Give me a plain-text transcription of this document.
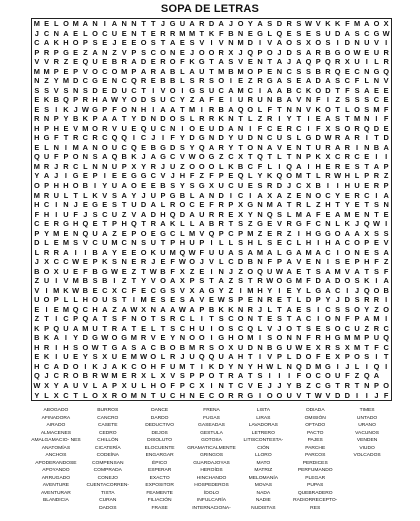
SOPA DE LETRAS
M E L O M A N I A N N T T J G U A R D A J O Y A S D R S W V K K F M A O X
J C N A E L O C U E N T E R R M M T K F B N E G L Q E S E S U D A S C G W
C A K H O P S E J E E O S T A E S V I V N M D I V A O S X O S I D N U V I
P R P G E Z A N Z V P S C O N E J O O R X J Q P O J D S A R B G O W E U R
V V R Z E Q U E B R A D E R O F K G T A S V E N T A J A Q P Q R X U I L R
M M P E P V O C O M P A R A B L A U T M B M O P E N C S S B R Q E C N G Q
N Z Y M D C G E N C Q R E B B L S R S O I E Z R G A S E A D A S C F L N V
S S V S N S D E D U C T I V O I G S U C A M C I A A B C K O D T F S A E E
E K B Q P R H A W Y O D S U C Y Z A F E I U R U N B A V N F I Z S S S C E
E S I K J W G P F O N H I A A T M I R B A Q O L F T N N V K O T L O S M F
R N P Y B K P A A T Y D N D O S L R R K N T L Z R I Y T I E A S T M N I F
H P H E V M O R V U E Q U C N I O E U D A N I F C E R C I F X S O R Q D E
H G F T R C R C Q Q I C J I F Y D G N D Y U D N C U S L G D W R A R I T D
E L N I M A N O U C Q E B G D S Y Q A R Y T O N A V E N T U R A R I N B A
Q U F P O N S A Q B K J A G C V W O G Z C X T Q T L T N P K X C R C E I	I
M R J R C L N N U P X Y R J U Z O O O L K B C F L I Q A I H E R E S T A P
Y A J I G E P I E E G G C V J H F Z F P E Q L Y K Q O M T L R W H L P R Z
O P H H O B I Y U A O E E B S Y S G X U C U E S R D J C X B I	I H U E R P
M R U L T L K V S A Y J U P G B L A N D I C I A X A Z E N O C Y E R C I A
H C I N J E G E S T U D A L R O C E F R P X G N M A T R L Z H T Y E T S N
F H I U F J S C U Z V A D H Q D A U R R E X Y N Q S L M A F E A M E N T E
C E R G H Q E T P H Q T R A K L L A B R T S Z G E V R G F C N L K J Q W I
P Y M E N Q U A Z E P O E G C L M V Q P C P M Z E R Z I H G G O A A X S S
D L E M S V C U M C N S U T P H U P I L L S H L S E C L H I H A C O P E V
L R R A I	I B A Y E E O K U M Q W F U U A S A M A L G A M A C I O N E S A
J X C C W E P K S N E R J E F W O J V L C D B N F P A V E N I S E P H F Z
B O X U E F B G W E Z T W B F X Z E I N J Z O Q U W A E T S A M V A T S F
Z U I V M B S B I Z T Y V O A X P S T A Z S T R W O G M F D A D O S K I A
V I M K W B E C X C F E C G S V X A G Y Z I M H Y I E Y L G A C I J Q O B
U O P L L H O U S T I M E S E S A V E W S P E N R E T L D P Y J D S R R I
E I E M Q C H A Z A W X N A A W A P B K K N R J L T A E S I C S S O Y Z O
Z T I C P Q A T S F N O T S R C L I T S C O N T E S T A C I O N F P A M I
K P Q U A M U T R A T E L T S C H U I O S C Q L V J O T S E S O C U Z R C
B K A I Y D G W O G M R V E Y N O O I G H O M I S O N N F R H G M M P U Q
H R I H S O W T G A S A C B O B M R S O X U D N B G U W E X R S X M T F C
E K I U E Y S X U E M W O L R J U Q Q U A H T I V P L D O F E X P O S I T
H C A D O I K J A K C O H F U M T I K D Y N Y H W L N Q D M G I J L I Q I
Q J C R O B R W M E R X L X V S P P O T R A T S I	I	I F O C O U F Z Q A
W X Y A U V L A P X U L H O F P C X I N T C V E J J Y B Z C G T R T N P O
Y L X C T L O X R O M N T U C H N E C O R R G I O O U V T W V D D I	I J F
ABOGADO
AFINADORA
AIRADO
ALMACENES
AMALGAMACIO- NES
ANATOMÍAS
ANCHOS
APODERANDOSE
APOYANDO
ARRUGADO
AVENTURE
AVENTURAR
BLANDICIA
BURROS
CANCRO
CASETE
CEDRO
CHILLÓN
CICATERÍA
CODEÍNA
COMPENSAN
COMPRADA
CONEJO
CUENTACORREN-
TISTA
CURAN
DADOS
DANCE
DARDO
DEDUCTIVO
DEJOS
DISOLUTO
ELOCUENTE
ENGARGAR
ÉPICO
ESPERAR
EXACTO
EXPOSITOR
FEAMENTE
FILIACIÓN
FRASE
FRENA
FUGAS
GASEADAS
GESTULA
GOTOSA
GRAMATICALMENTE
GRINGOS
GUARDAJOYAS
HEROÍDS
HINCHANDO
HOSPEDEROS
ÍDOLO
INFULCARÍA
INTERNACIONA-
LISTA
LIRAS
LAVADORAS
LETRERO
LITISCONTESTA-
CIÓN
LLORO
MATO
MATRIZ
MELOMANÍA
MOVAS
NADA
NADIE
NUDISTAS
ODIADA
OMISIÓN
OFTADO
PACTO
PAJES
PARCHE
PARCOS
PERDICES
PERFUMANDO
PLEGAR
PUPAS
QUEBRADERO
RADIORRECEPTO-
RES
TIMES
UNTADO
URANO
VACUNOS
VENDEN
VIUDO
VOLCADOS
